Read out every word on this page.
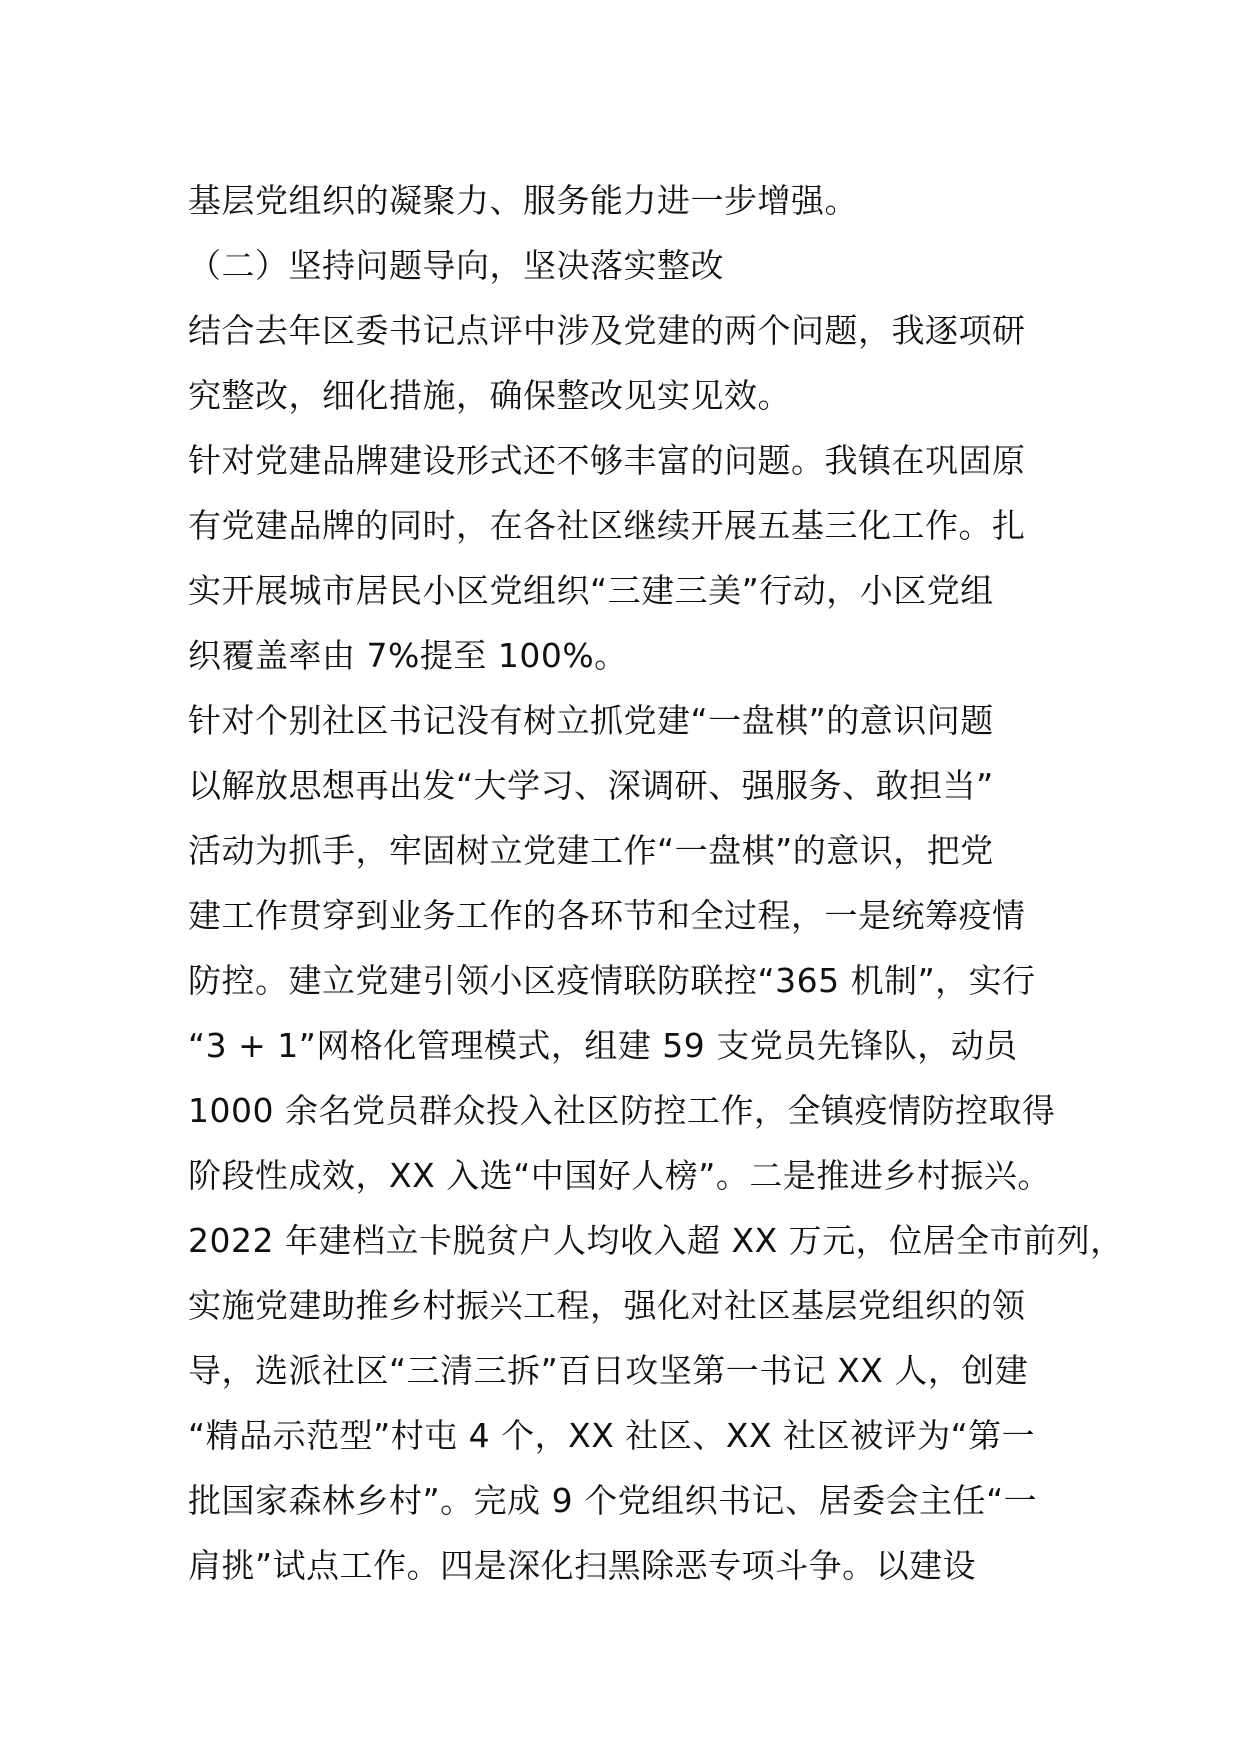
基层党组织的凝聚力、服务能力进一步增强。
（二）坚持问题导向，坚决落实整改
结合去年区委书记点评中涉及党建的两个问题，我逐项研
究整改，细化措施，确保整改见实见效。
针对党建品牌建设形式还不够丰富的问题。我镇在巩固原
有党建品牌的同时，在各社区继续开展五基三化工作。扎
实开展城市居民小区党组织“三建三美”行动，小区党组
织覆盖率由 7%提至 100%。
针对个别社区书记没有树立抓党建“一盘棋”的意识问题
以解放思想再出发“大学习、深调研、强服务、敢担当”
活动为抓手，牢固树立党建工作“一盘棋”的意识，把党
建工作贯穿到业务工作的各环节和全过程，一是统筹疫情
防控。建立党建引领小区疫情联防联控“365 机制”，实行
“3 + 1”网格化管理模式，组建 59 支党员先锋队，动员
1000 余名党员群众投入社区防控工作，全镇疫情防控取得
阶段性成效，XX 入选“中国好人榜”。二是推进乡村振兴。
2022 年建档立卡脱贫户人均收入超 XX 万元，位居全市前列，
实施党建助推乡村振兴工程，强化对社区基层党组织的领
导，选派社区“三清三拆”百日攻坚第一书记 XX 人，创建
“精品示范型”村屯 4 个，XX 社区、XX 社区被评为“第一
批国家森林乡村”。完成 9 个党组织书记、居委会主任“一
肩挑”试点工作。四是深化扫黑除恶专项斗争。以建设
